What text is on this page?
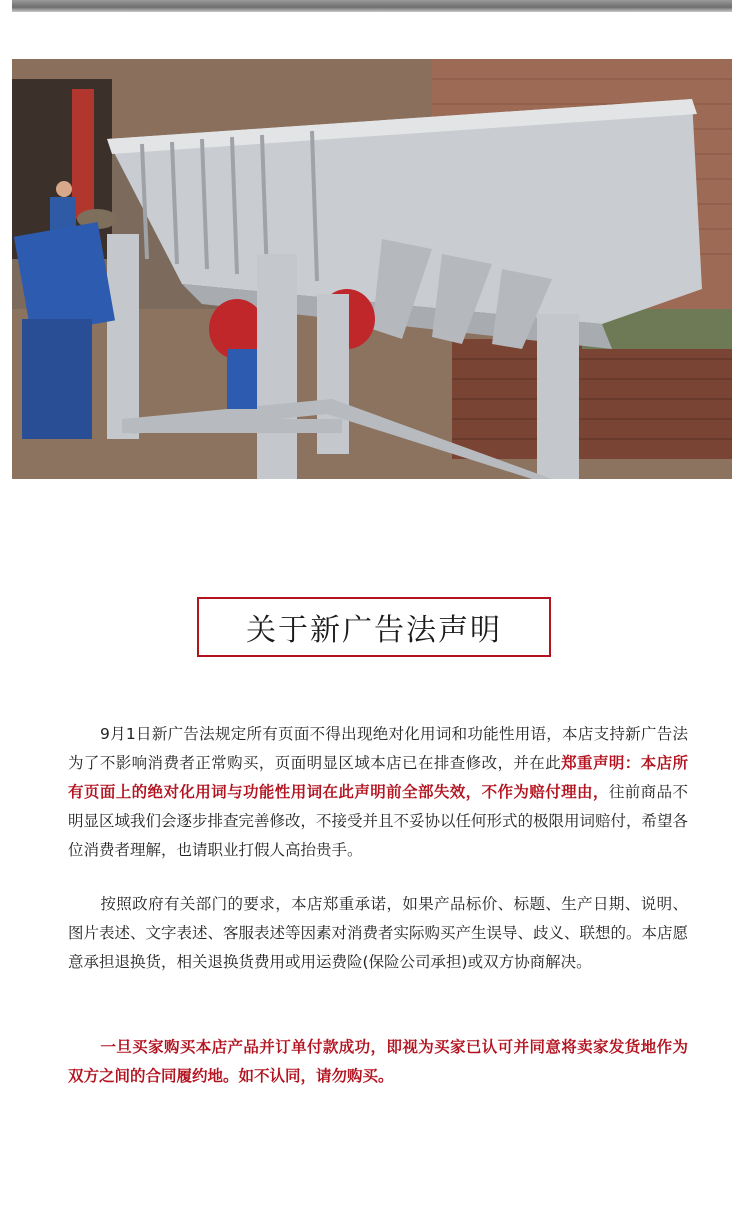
关于新广告法声明
9月1日新广告法规定所有页面不得出现绝对化用词和功能性用语，本店支持新广告法为了不影响消费者正常购买，页面明显区域本店已在排查修改，并在此郑重声明：本店所有页面上的绝对化用词与功能性用词在此声明前全部失效，不作为赔付理由，往前商品不明显区域我们会逐步排查完善修改，不接受并且不妥协以任何形式的极限用词赔付，希望各位消费者理解，也请职业打假人高抬贵手。
按照政府有关部门的要求，本店郑重承诺，如果产品标价、标题、生产日期、说明、图片表述、文字表述、客服表述等因素对消费者实际购买产生误导、歧义、联想的。本店愿意承担退换货，相关退换货费用或用运费险(保险公司承担)或双方协商解决。
一旦买家购买本店产品并订单付款成功，即视为买家已认可并同意将卖家发货地作为双方之间的合同履约地。如不认同，请勿购买。
